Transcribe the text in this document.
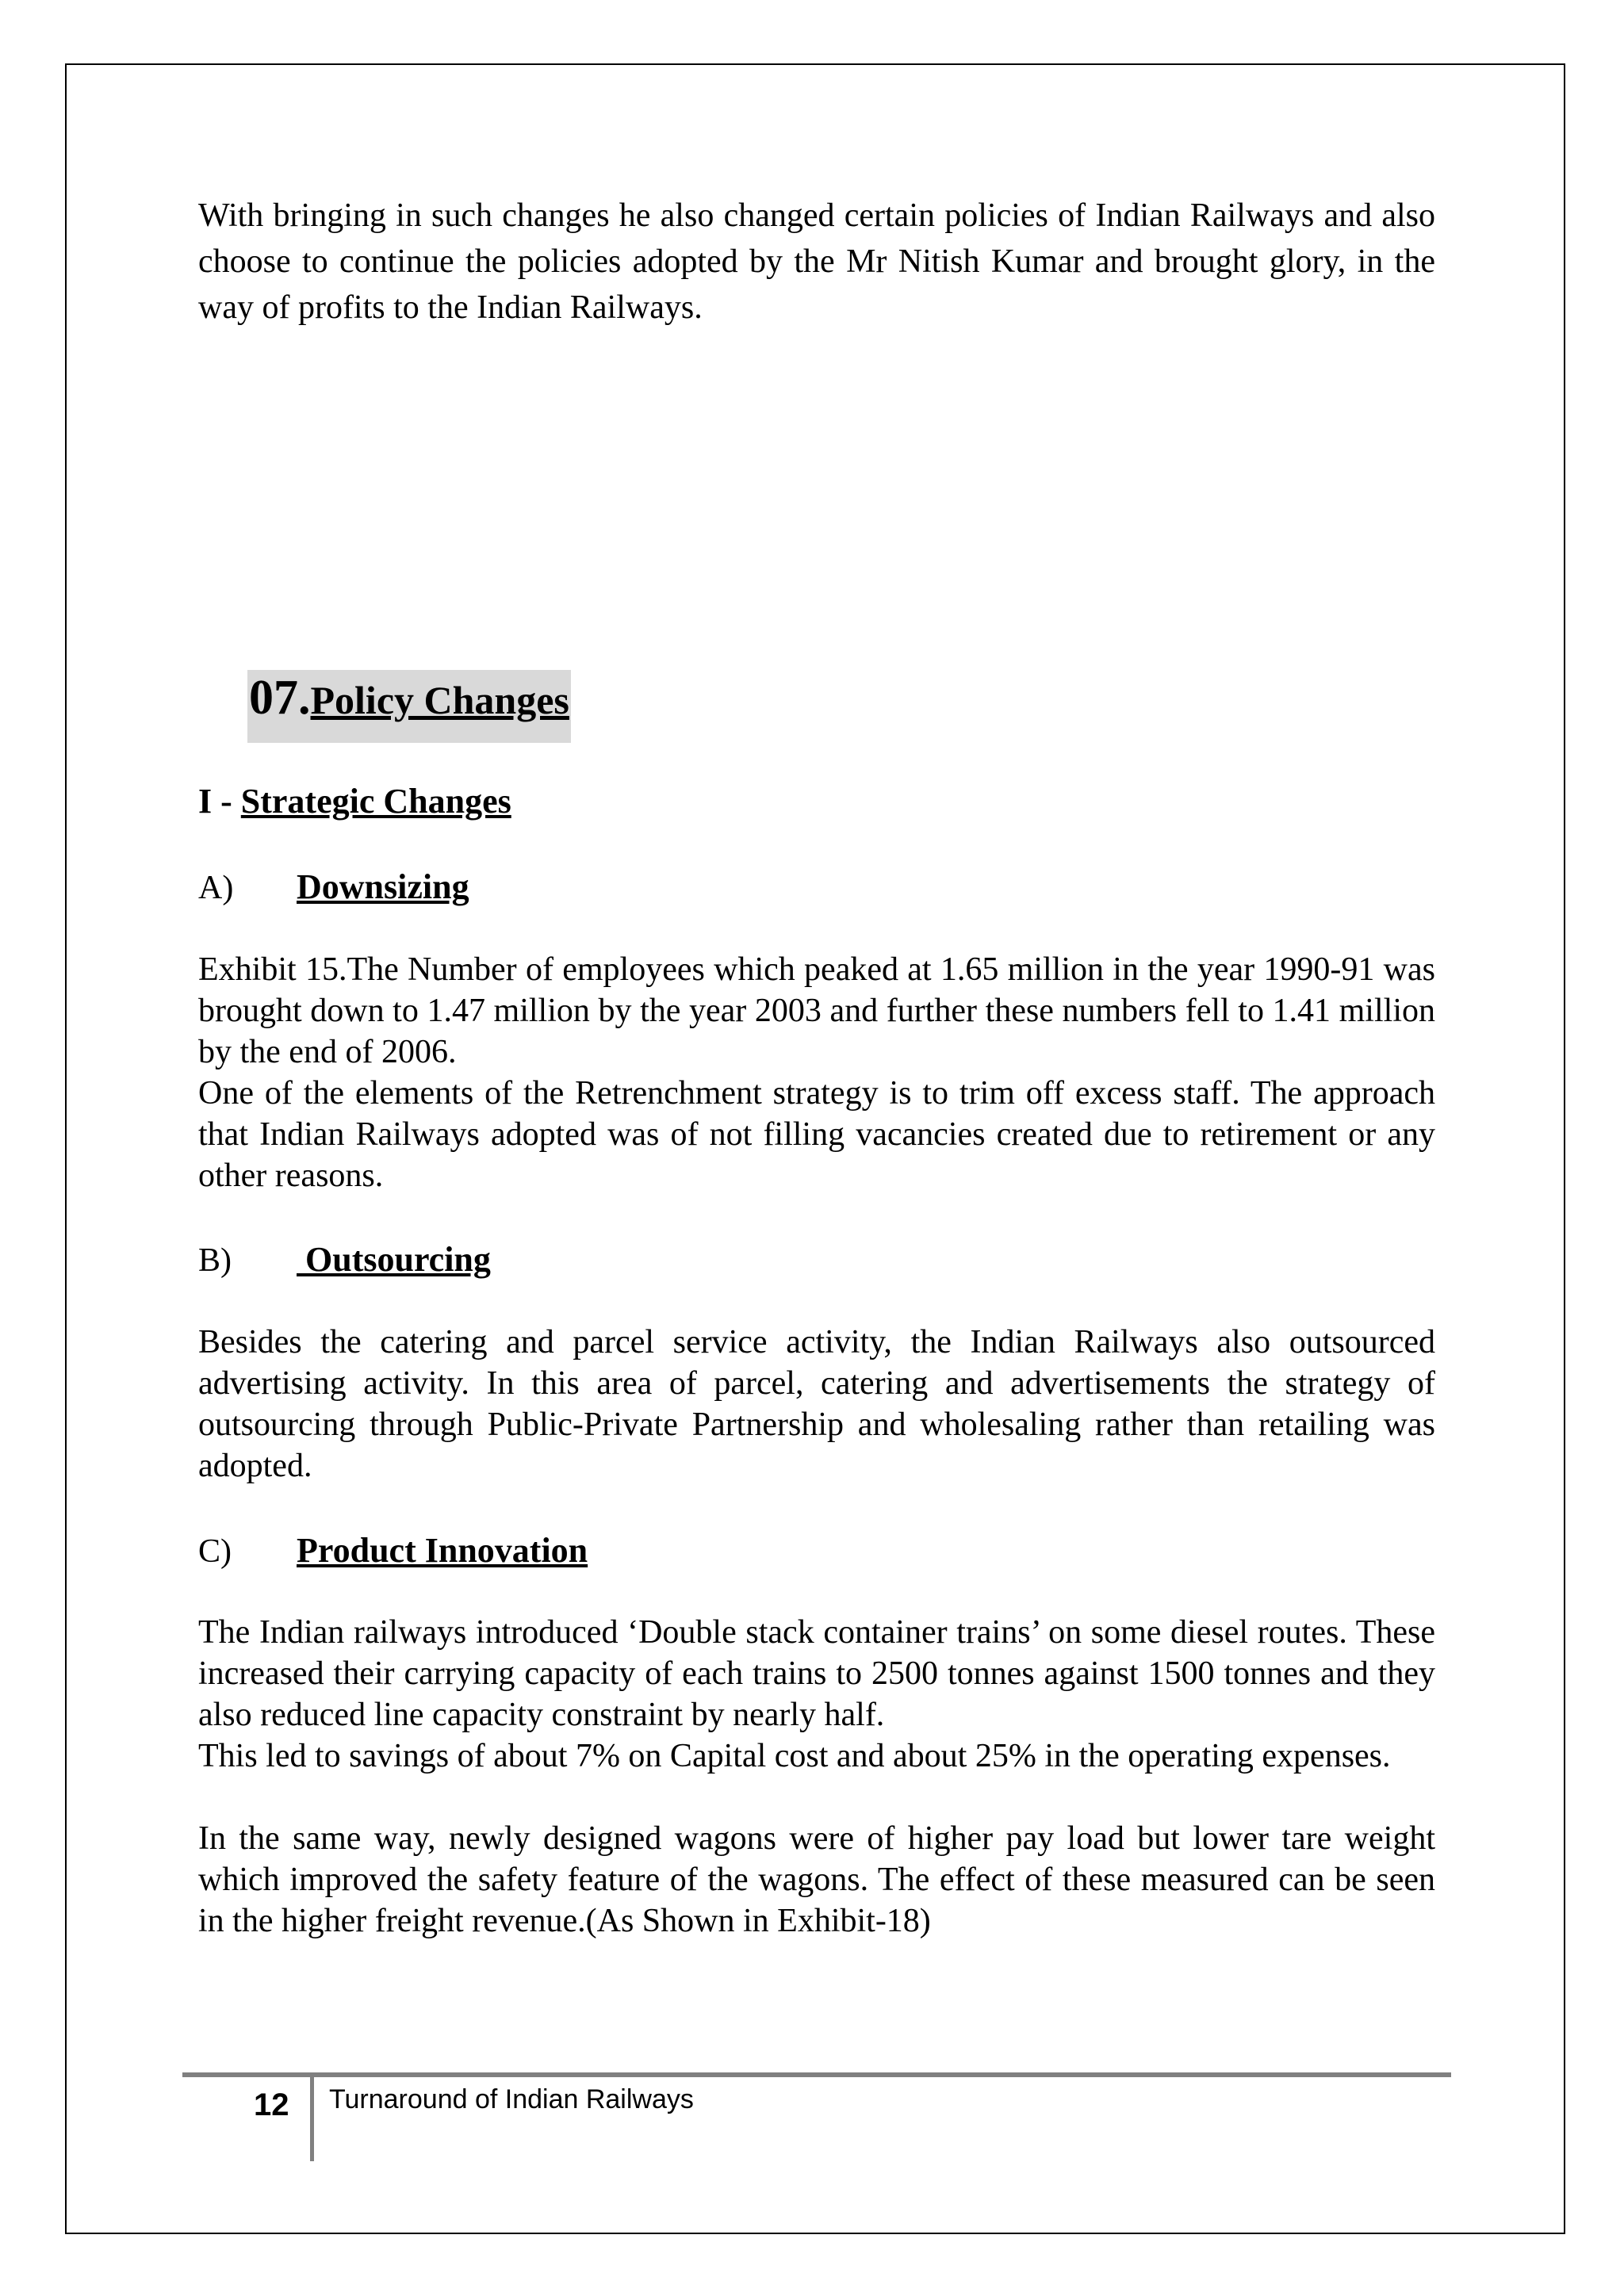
With bringing in such changes he also changed certain policies of Indian Railways and also choose to continue the policies adopted by the Mr Nitish Kumar and brought glory, in the way of profits to the Indian Railways.

07.Policy Changes
I - Strategic Changes
A) Downsizing

Exhibit 15.The Number of employees which peaked at 1.65 million in the year 1990-91 was brought down to 1.47 million by the year 2003 and further these numbers fell to 1.41 million by the end of 2006.

One of the elements of the Retrenchment strategy is to trim off excess staff. The approach that Indian Railways adopted was of not filling vacancies created due to retirement or any other reasons.

B) Outsourcing

Besides the catering and parcel service activity, the Indian Railways also outsourced advertising activity. In this area of parcel, catering and advertisements the strategy of outsourcing through Public-Private Partnership and wholesaling rather than retailing was adopted.

C) Product Innovation

The Indian railways introduced ‘Double stack container trains’ on some diesel routes. These increased their carrying capacity of each trains to 2500 tonnes against 1500 tonnes and they also reduced line capacity constraint by nearly half.

This led to savings of about 7% on Capital cost and about 25% in the operating expenses.

In the same way, newly designed wagons were of higher pay load but lower tare weight which improved the safety feature of the wagons. The effect of these measured can be seen in the higher freight revenue.(As Shown in Exhibit-18)

12 Turnaround of Indian Railways
